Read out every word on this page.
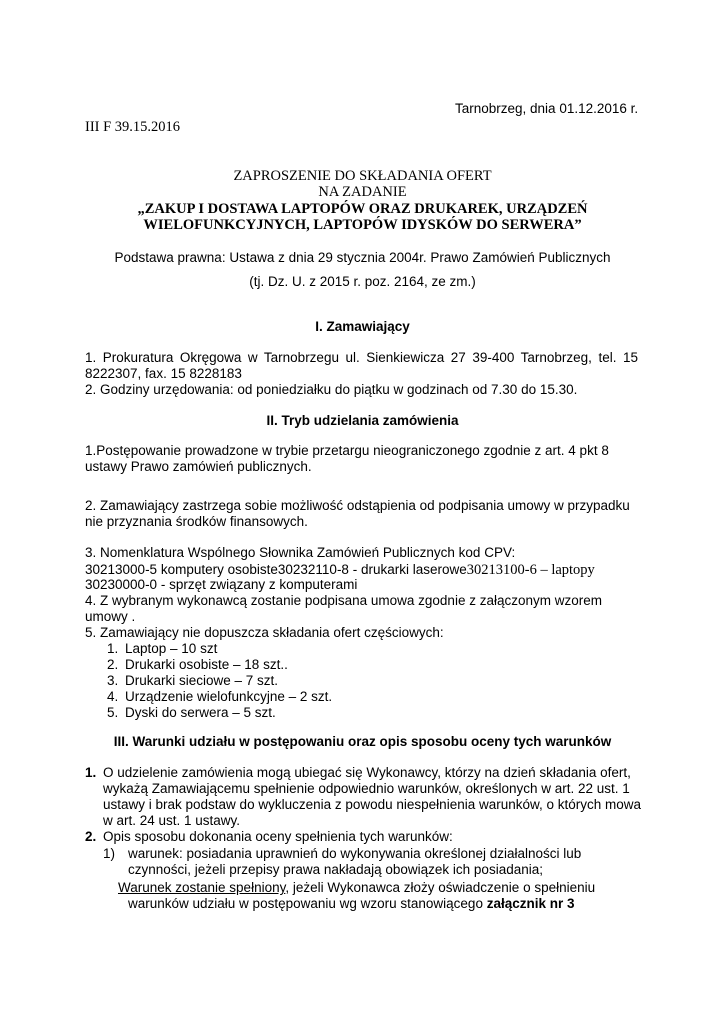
Tarnobrzeg, dnia 01.12.2016 r.
III F 39.15.2016
ZAPROSZENIE DO SKŁADANIA OFERT
NA ZADANIE
„ZAKUP I DOSTAWA LAPTOPÓW ORAZ DRUKAREK, URZĄDZEŃ
WIELOFUNKCYJNYCH, LAPTOPÓW IDYSKÓW DO SERWERA”
Podstawa prawna: Ustawa z dnia 29 stycznia 2004r. Prawo Zamówień Publicznych
(tj. Dz. U. z 2015 r. poz. 2164, ze zm.)
I. Zamawiający
1. Prokuratura Okręgowa w Tarnobrzegu ul. Sienkiewicza 27 39-400 Tarnobrzeg, tel. 15
8222307, fax. 15 8228183
2. Godziny urzędowania: od poniedziałku do piątku w godzinach od 7.30 do 15.30.
II. Tryb udzielania zamówienia
1.Postępowanie prowadzone w trybie przetargu nieograniczonego zgodnie z art. 4 pkt 8
ustawy Prawo zamówień publicznych.
2. Zamawiający zastrzega sobie możliwość odstąpienia od podpisania umowy w przypadku
nie przyznania środków finansowych.
3. Nomenklatura Wspólnego Słownika Zamówień Publicznych kod CPV:
30213000-5 komputery osobiste30232110-8 - drukarki laserowe30213100-6 – laptopy
30230000-0 - sprzęt związany z komputerami
4. Z wybranym wykonawcą zostanie podpisana umowa zgodnie z załączonym wzorem
umowy .
5. Zamawiający nie dopuszcza składania ofert częściowych:
1. Laptop – 10 szt
2. Drukarki osobiste – 18 szt..
3. Drukarki sieciowe – 7 szt.
4. Urządzenie wielofunkcyjne – 2 szt.
5. Dyski do serwera – 5 szt.
III. Warunki udziału w postępowaniu oraz opis sposobu oceny tych warunków
1. O udzielenie zamówienia mogą ubiegać się Wykonawcy, którzy na dzień składania ofert,
wykażą Zamawiającemu spełnienie odpowiednio warunków, określonych w art. 22 ust. 1
ustawy i brak podstaw do wykluczenia z powodu niespełnienia warunków, o których mowa
w art. 24 ust. 1 ustawy.
2. Opis sposobu dokonania oceny spełnienia tych warunków:
1) warunek: posiadania uprawnień do wykonywania określonej działalności lub
czynności, jeżeli przepisy prawa nakładają obowiązek ich posiadania;
Warunek zostanie spełniony, jeżeli Wykonawca złoży oświadczenie o spełnieniu
warunków udziału w postępowaniu wg wzoru stanowiącego załącznik nr 3
